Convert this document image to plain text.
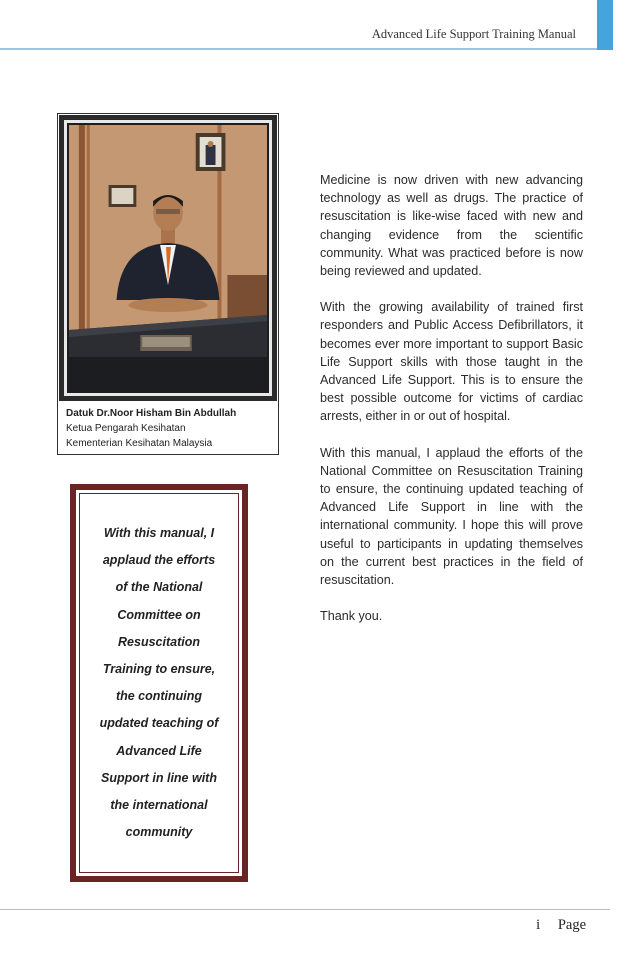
Advanced Life Support Training Manual
Datuk Dr.Noor Hisham Bin Abdullah
Ketua Pengarah Kesihatan
Kementerian Kesihatan Malaysia
With this manual, I
applaud the efforts
of the National
Committee on
Resuscitation
Training to ensure,
the continuing
updated teaching of
Advanced Life
Support in line with
the international
community

Medicine is now driven with new advancing technology as well as drugs. The practice of resuscitation is like-wise faced with new and changing evidence from the scientific community. What was practiced before is now being reviewed and updated.

With the growing availability of trained first responders and Public Access Defibrillators, it becomes ever more important to support Basic Life Support skills with those taught in the Advanced Life Support. This is to ensure the best possible outcome for victims of cardiac arrests, either in or out of hospital.

With this manual, I applaud the efforts of the National Committee on Resuscitation Training to ensure, the continuing updated teaching of Advanced Life Support in line with the international community. I hope this will prove useful to participants in updating themselves on the current best practices in the field of resuscitation.

Thank you.

i Page
